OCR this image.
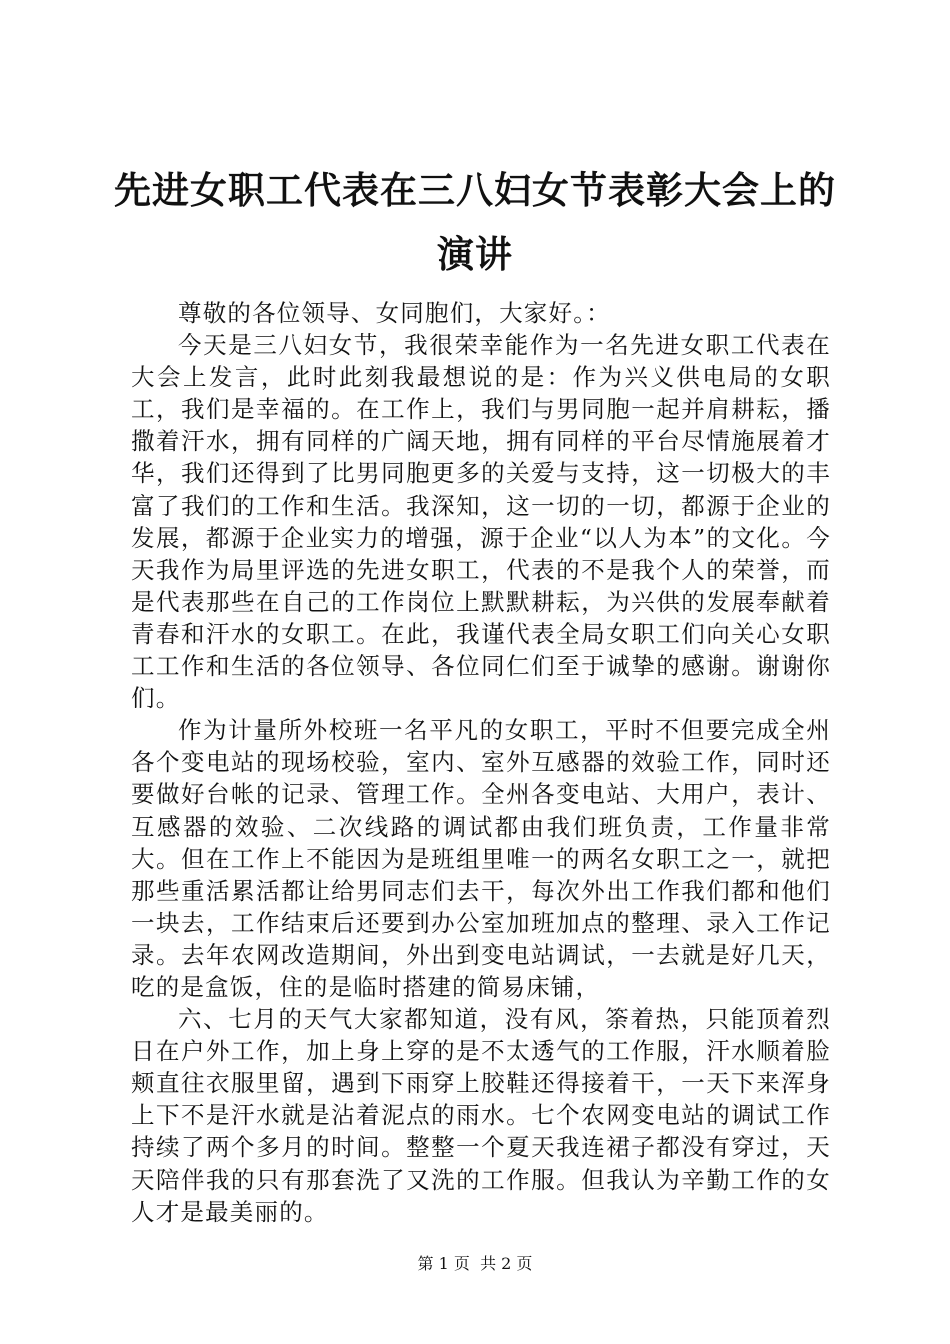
先进女职工代表在三八妇女节表彰大会上的演讲

尊敬的各位领导、女同胞们，大家好。：

今天是三八妇女节，我很荣幸能作为一名先进女职工代表在大会上发言，此时此刻我最想说的是：作为兴义供电局的女职工，我们是幸福的。在工作上，我们与男同胞一起并肩耕耘，播撒着汗水，拥有同样的广阔天地，拥有同样的平台尽情施展着才华，我们还得到了比男同胞更多的关爱与支持，这一切极大的丰富了我们的工作和生活。我深知，这一切的一切，都源于企业的发展，都源于企业实力的增强，源于企业“以人为本”的文化。今天我作为局里评选的先进女职工，代表的不是我个人的荣誉，而是代表那些在自己的工作岗位上默默耕耘，为兴供的发展奉献着青春和汗水的女职工。在此，我谨代表全局女职工们向关心女职工工作和生活的各位领导、各位同仁们至于诚挚的感谢。谢谢你们。

作为计量所外校班一名平凡的女职工，平时不但要完成全州各个变电站的现场校验，室内、室外互感器的效验工作，同时还要做好台帐的记录、管理工作。全州各变电站、大用户，表计、互感器的效验、二次线路的调试都由我们班负责，工作量非常大。但在工作上不能因为是班组里唯一的两名女职工之一，就把那些重活累活都让给男同志们去干，每次外出工作我们都和他们一块去，工作结束后还要到办公室加班加点的整理、录入工作记录。去年农网改造期间，外出到变电站调试，一去就是好几天，吃的是盒饭，住的是临时搭建的简易床铺，

六、七月的天气大家都知道，没有风，筡着热，只能顶着烈日在户外工作，加上身上穿的是不太透气的工作服，汗水顺着脸颊直往衣服里留，遇到下雨穿上胶鞋还得接着干，一天下来浑身上下不是汗水就是沾着泥点的雨水。七个农网变电站的调试工作持续了两个多月的时间。整整一个夏天我连裙子都没有穿过，天天陪伴我的只有那套洗了又洗的工作服。但我认为辛勤工作的女人才是最美丽的。

第 1 页 共 2 页
